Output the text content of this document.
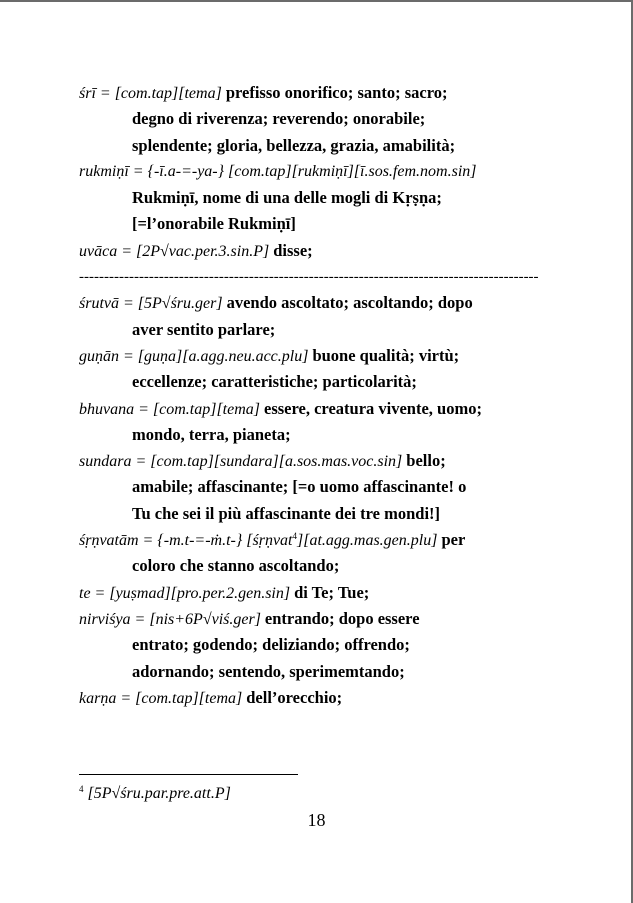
śrī = [com.tap][tema] prefisso onorifico; santo; sacro;
degno di riverenza; reverendo; onorabile;
splendente; gloria, bellezza, grazia, amabilità;
rukmiṇī = {-ī.a-=-ya-} [com.tap][rukmiṇī][ī.sos.fem.nom.sin]
Rukmiṇī, nome di una delle mogli di Kṛṣṇa;
[=l’onorabile Rukmiṇī]
uvāca = [2P√vac.per.3.sin.P] disse;
--------------------------------------------------------------------------------------------
śrutvā = [5P√śru.ger] avendo ascoltato; ascoltando; dopo
aver sentito parlare;
guṇān = [guṇa][a.agg.neu.acc.plu] buone qualità; virtù;
eccellenze; caratteristiche; particolarità;
bhuvana = [com.tap][tema] essere, creatura vivente, uomo;
mondo, terra, pianeta;
sundara = [com.tap][sundara][a.sos.mas.voc.sin] bello;
amabile; affascinante; [=o uomo affascinante! o
Tu che sei il più affascinante dei tre mondi!]
śṛṇvatām = {-m.t-=-ṁ.t-} [śṛṇvat$^4$][at.agg.mas.gen.plu] per
coloro che stanno ascoltando;
te = [yuṣmad][pro.per.2.gen.sin] di Te; Tue;
nirviśya = [nis+6P√viś.ger] entrando; dopo essere
entrato; godendo; deliziando; offrendo;
adornando; sentendo, sperimemtando;
karṇa = [com.tap][tema] dell’orecchio;
$^4$ [5P√śru.par.pre.att.P]
18
